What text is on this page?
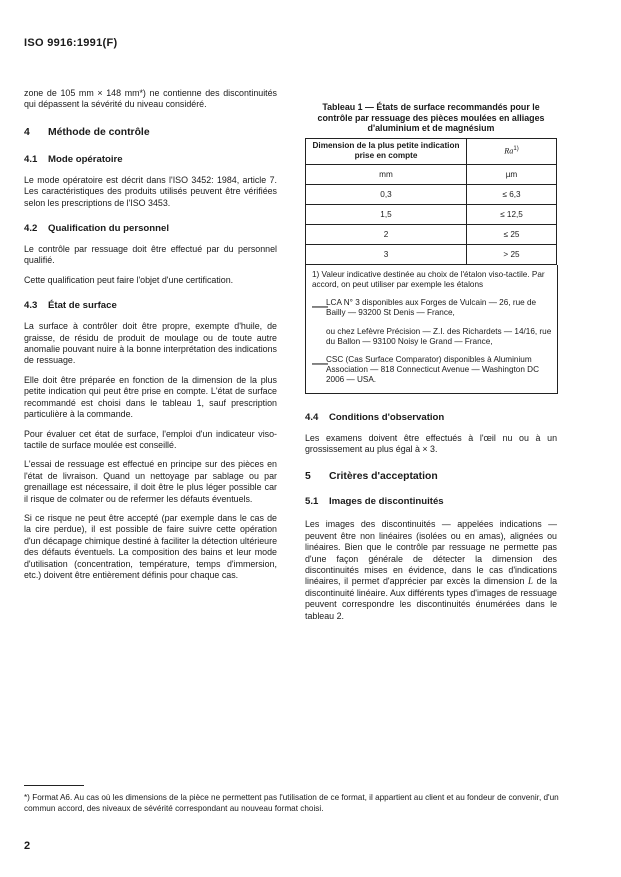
ISO 9916:1991(F)

zone de 105 mm × 148 mm*) ne contienne des discontinuités qui dépassent la sévérité du niveau considéré.

4	Méthode de contrôle
4.1	Mode opératoire

Le mode opératoire est décrit dans l'ISO 3452: 1984, article 7. Les caractéristiques des produits utilisés peuvent être vérifiées selon les prescriptions de l'ISO 3453.

4.2	Qualification du personnel

Le contrôle par ressuage doit être effectué par du personnel qualifié.

Cette qualification peut faire l'objet d'une certification.

4.3	État de surface

La surface à contrôler doit être propre, exempte d'huile, de graisse, de résidu de produit de moulage ou de toute autre anomalie pouvant nuire à la bonne interprétation des indications de ressuage.

Elle doit être préparée en fonction de la dimension de la plus petite indication qui peut être prise en compte. L'état de surface recommandé est choisi dans le tableau 1, sauf prescription particulière à la commande.

Pour évaluer cet état de surface, l'emploi d'un indicateur viso-tactile de surface moulée est conseillé.

L'essai de ressuage est effectué en principe sur des pièces en l'état de livraison. Quand un nettoyage par sablage ou par grenaillage est nécessaire, il doit être le plus léger possible car il risque de colmater ou de refermer les défauts éventuels.

Si ce risque ne peut être accepté (par exemple dans le cas de la cire perdue), il est possible de faire suivre cette opération d'un décapage chimique destiné à faciliter la détection ultérieure des défauts éventuels. La composition des bains et leur mode d'utilisation (concentration, température, temps d'immersion, etc.) doivent être entièrement définis pour chaque cas.

Tableau 1 — États de surface recommandés pour le contrôle par ressuage des pièces moulées en alliages d'aluminium et de magnésium

Dimension de la plus petite indication prise en compte	Ra$^{1)}$
mm	µm
0,3	≤ 6,3
1,5	≤ 12,5
2	≤ 25
3	> 25

1) Valeur indicative destinée au choix de l'étalon viso-tactile. Par accord, on peut utiliser par exemple les étalons

—

LCA N° 3 disponibles aux Forges de Vulcain — 26, rue de Bailly — 93200 St Denis — France,

ou chez Lefèvre Précision — Z.I. des Richardets — 14/16, rue du Ballon — 93100 Noisy le Grand — France,

—

CSC (Cas Surface Comparator) disponibles à Aluminium Association — 818 Connecticut Avenue — Washington DC 2006 — USA.

4.4	Conditions d'observation

Les examens doivent être effectués à l'œil nu ou à un grossissement au plus égal à × 3.

5	Critères d'acceptation
5.1	Images de discontinuités

Les images des discontinuités — appelées indications — peuvent être non linéaires (isolées ou en amas), alignées ou linéaires. Bien que le contrôle par ressuage ne permette pas d'une façon générale de détecter la dimension des discontinuités mises en évidence, dans le cas d'indications linéaires, il permet d'apprécier par excès la dimension L de la discontinuité linéaire. Aux différents types d'images de ressuage peuvent correspondre les discontinuités énumérées dans le tableau 2.

*) Format A6. Au cas où les dimensions de la pièce ne permettent pas l'utilisation de ce format, il appartient au client et au fondeur de convenir, d'un commun accord, des niveaux de sévérité correspondant au nouveau format choisi.
2
